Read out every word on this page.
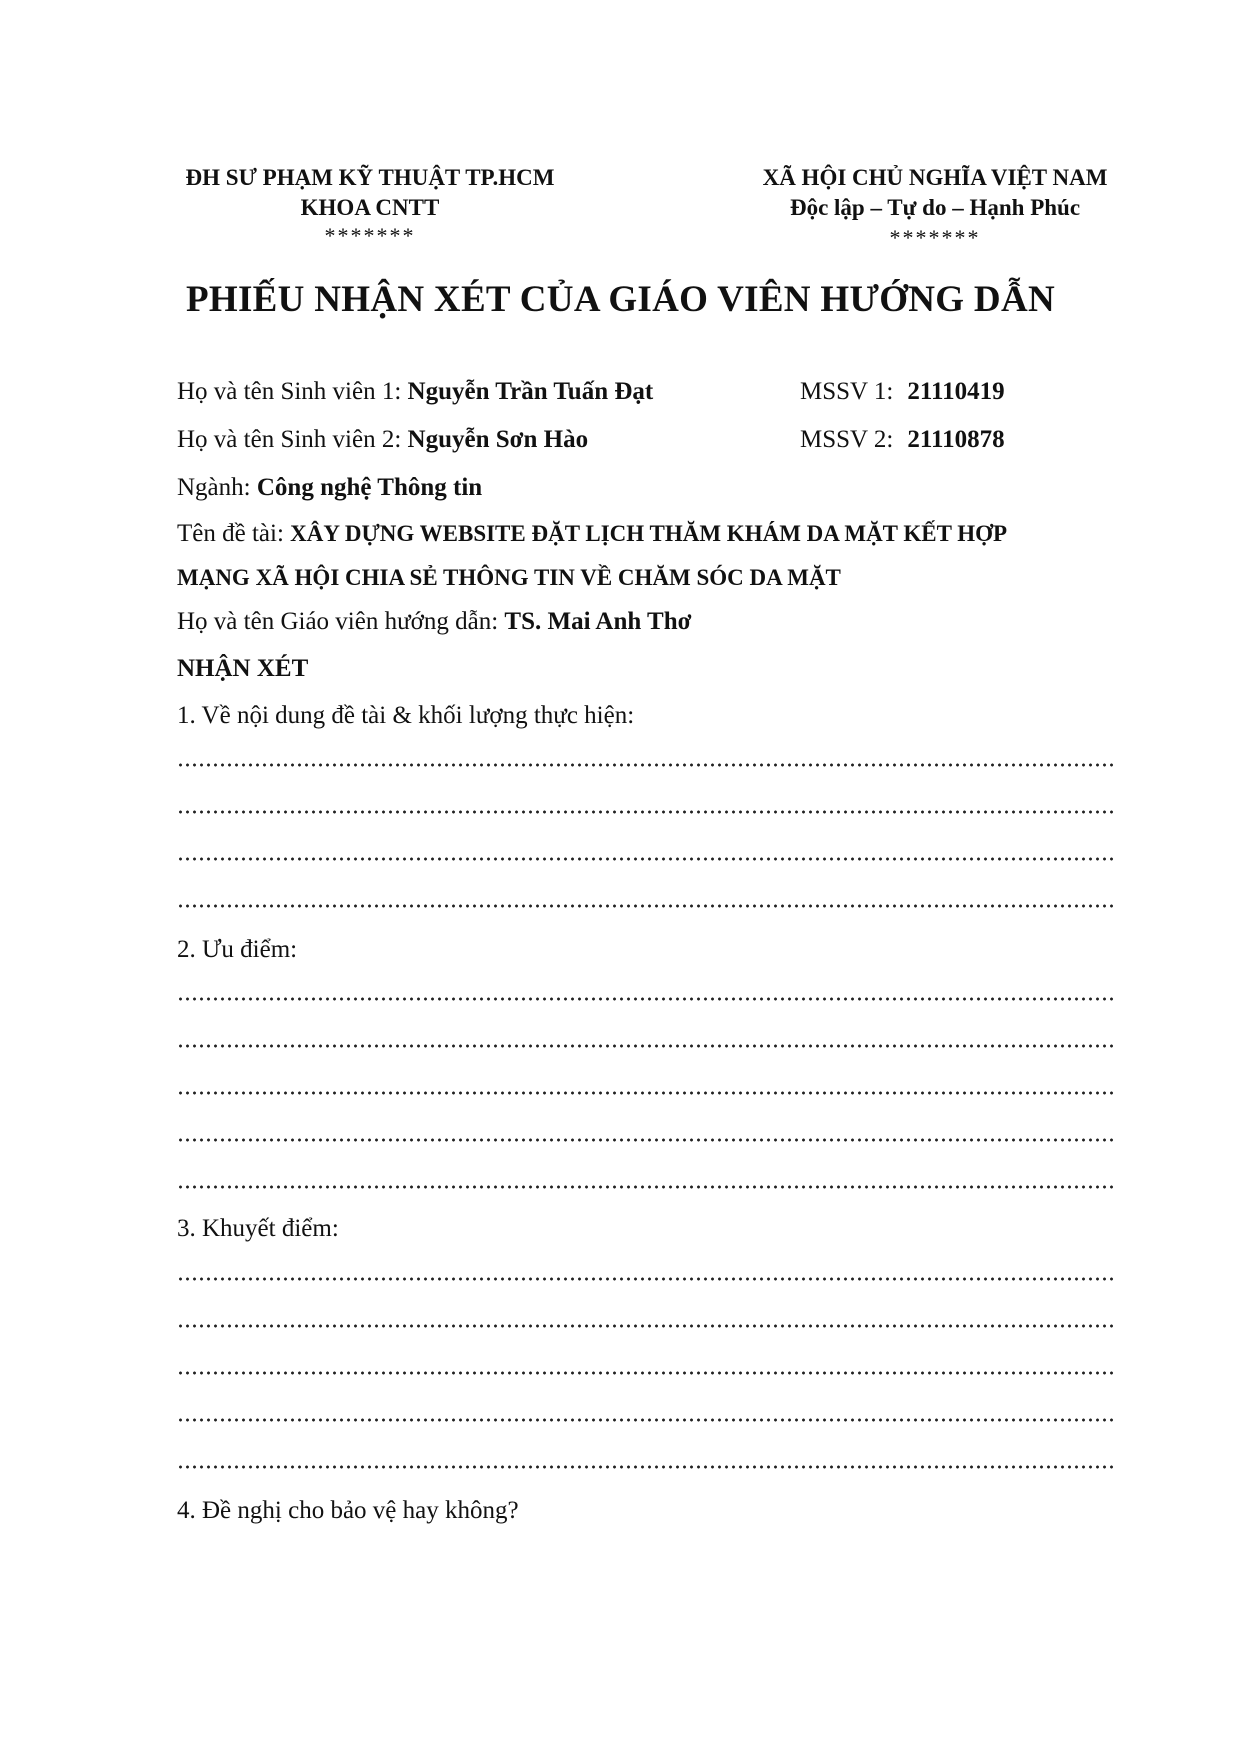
ĐH SƯ PHẠM KỸ THUẬT TP.HCM
KHOA CNTT
*******
XÃ HỘI CHỦ NGHĨA VIỆT NAM
Độc lập – Tự do – Hạnh Phúc
*******
PHIẾU NHẬN XÉT CỦA GIÁO VIÊN HƯỚNG DẪN
Họ và tên Sinh viên 1: Nguyễn Trần Tuấn Đạt	MSSV 1: 21110419
Họ và tên Sinh viên 2: Nguyễn Sơn Hào	MSSV 2: 21110878
Ngành: Công nghệ Thông tin
Tên đề tài: XÂY DỰNG WEBSITE ĐẶT LỊCH THĂM KHÁM DA MẶT KẾT HỢP
MẠNG XÃ HỘI CHIA SẺ THÔNG TIN VỀ CHĂM SÓC DA MẶT
Họ và tên Giáo viên hướng dẫn: TS. Mai Anh Thơ
NHẬN XÉT
1. Về nội dung đề tài & khối lượng thực hiện:
2. Ưu điểm:
3. Khuyết điểm:
4. Đề nghị cho bảo vệ hay không?
